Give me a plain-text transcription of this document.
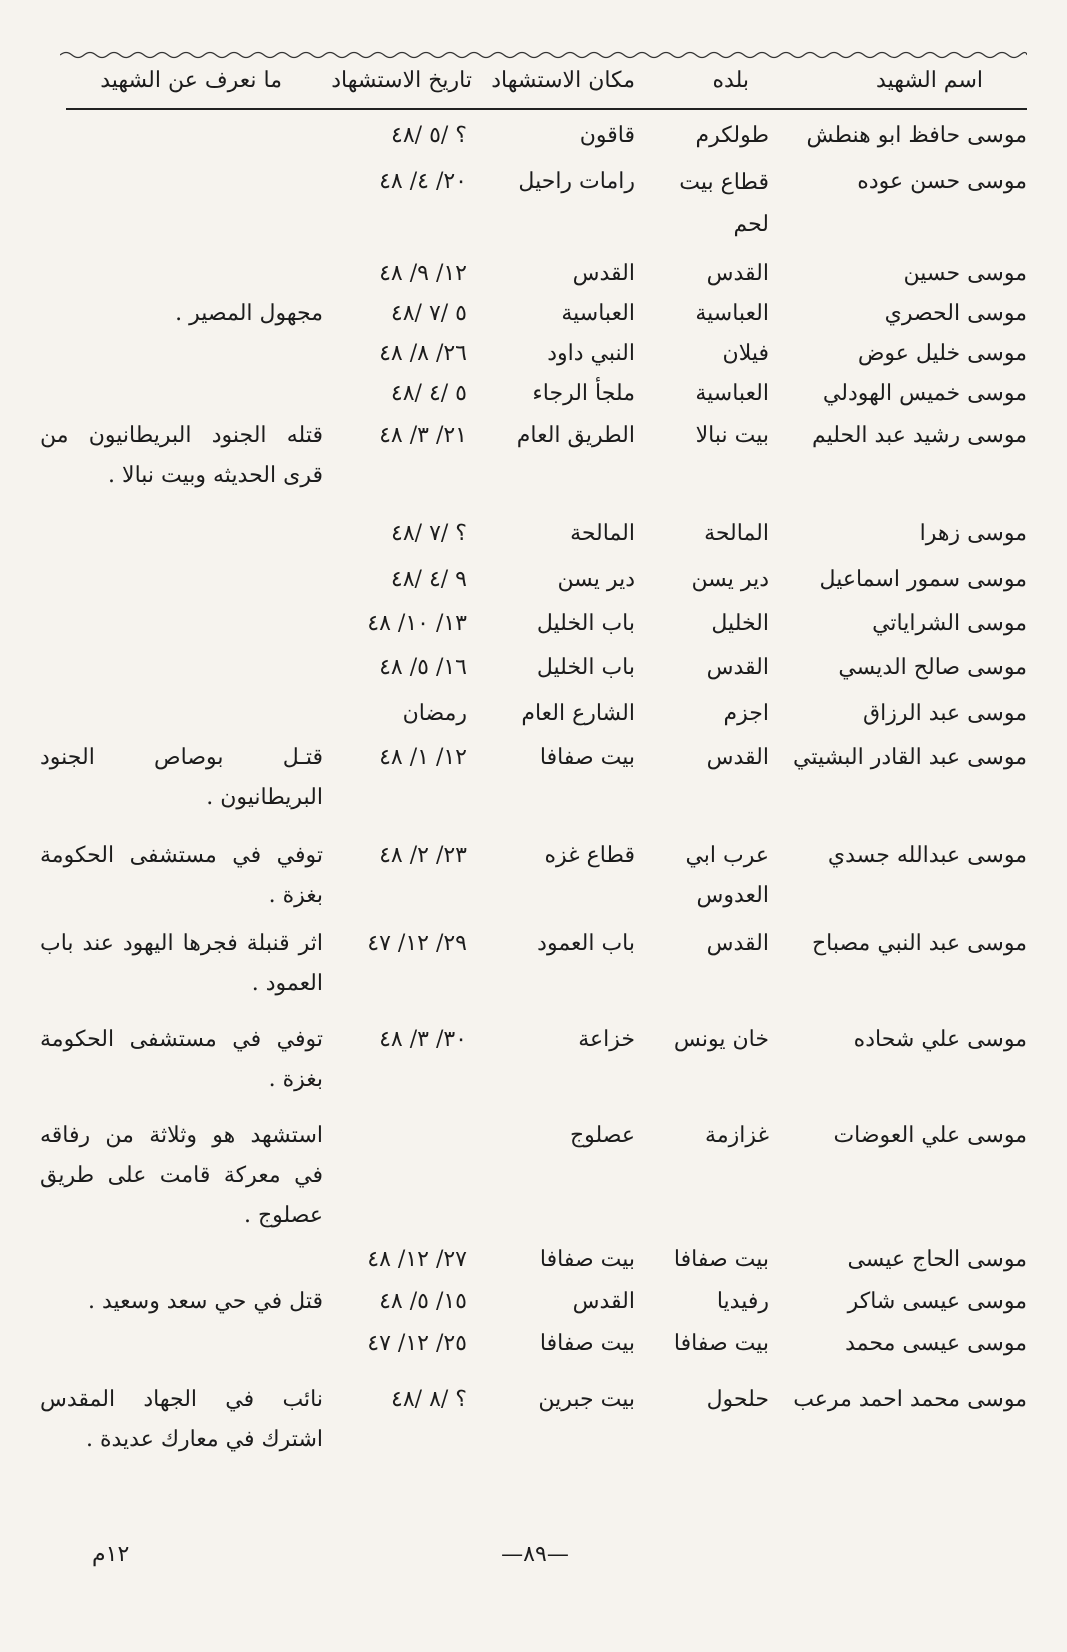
اسم الشهيد
بلده
مكان الاستشهاد
تاريخ الاستشهاد
ما نعرف عن الشهيد
موسى حافظ ابو هنطش
طولكرم
قاقون
؟ /٥ /٤٨
موسى حسن عوده
قطاع بيت لحم
رامات راحيل
٢٠/ ٤/ ٤٨
موسى حسين
القدس
القدس
١٢/ ٩/ ٤٨
موسى الحصري
العباسية
العباسية
٥ /٧ /٤٨
مجهول المصير .
موسى خليل عوض
فيلان
النبي داود
٢٦/ ٨/ ٤٨
موسى خميس الهودلي
العباسية
ملجأ الرجاء
٥ /٤ /٤٨
موسى رشيد عبد الحليم
بيت نبالا
الطريق العام
٢١/ ٣/ ٤٨
قتله الجنود البريطانيون من قرى الحديثه وبيت نبالا .
موسى زهرا
المالحة
المالحة
؟ /٧ /٤٨
موسى سمور اسماعيل
دير يسن
دير يسن
٩ /٤ /٤٨
موسى الشراياتي
الخليل
باب الخليل
١٣/ ١٠/ ٤٨
موسى صالح الديسي
القدس
باب الخليل
١٦/ ٥/ ٤٨
موسى عبد الرزاق
اجزم
الشارع العام
رمضان
موسى عبد القادر البشيتي
القدس
بيت صفافا
١٢/ ١/ ٤٨
قتـل بوصاص الجنود البريطانيون .
موسى عبدالله جسدي
عرب ابي العدوس
قطاع غزه
٢٣/ ٢/ ٤٨
توفي في مستشفى الحكومة بغزة .
موسى عبد النبي مصباح
القدس
باب العمود
٢٩/ ١٢/ ٤٧
اثر قنبلة فجرها اليهود عند باب العمود .
موسى علي شحاده
خان يونس
خزاعة
٣٠/ ٣/ ٤٨
توفي في مستشفى الحكومة بغزة .
موسى علي العوضات
غزازمة
عصلوج
استشهد هو وثلاثة من رفاقه في معركة قامت على طريق عصلوج .
موسى الحاج عيسى
بيت صفافا
بيت صفافا
٢٧/ ١٢/ ٤٨
موسى عيسى شاكر
رفيديا
القدس
١٥/ ٥/ ٤٨
قتل في حي سعد وسعيد .
موسى عيسى محمد
بيت صفافا
بيت صفافا
٢٥/ ١٢/ ٤٧
موسى محمد احمد مرعب
حلحول
بيت جبرين
؟ /٨ /٤٨
نائب في الجهاد المقدس اشترك في معارك عديدة .
—٨٩—
١٢م
